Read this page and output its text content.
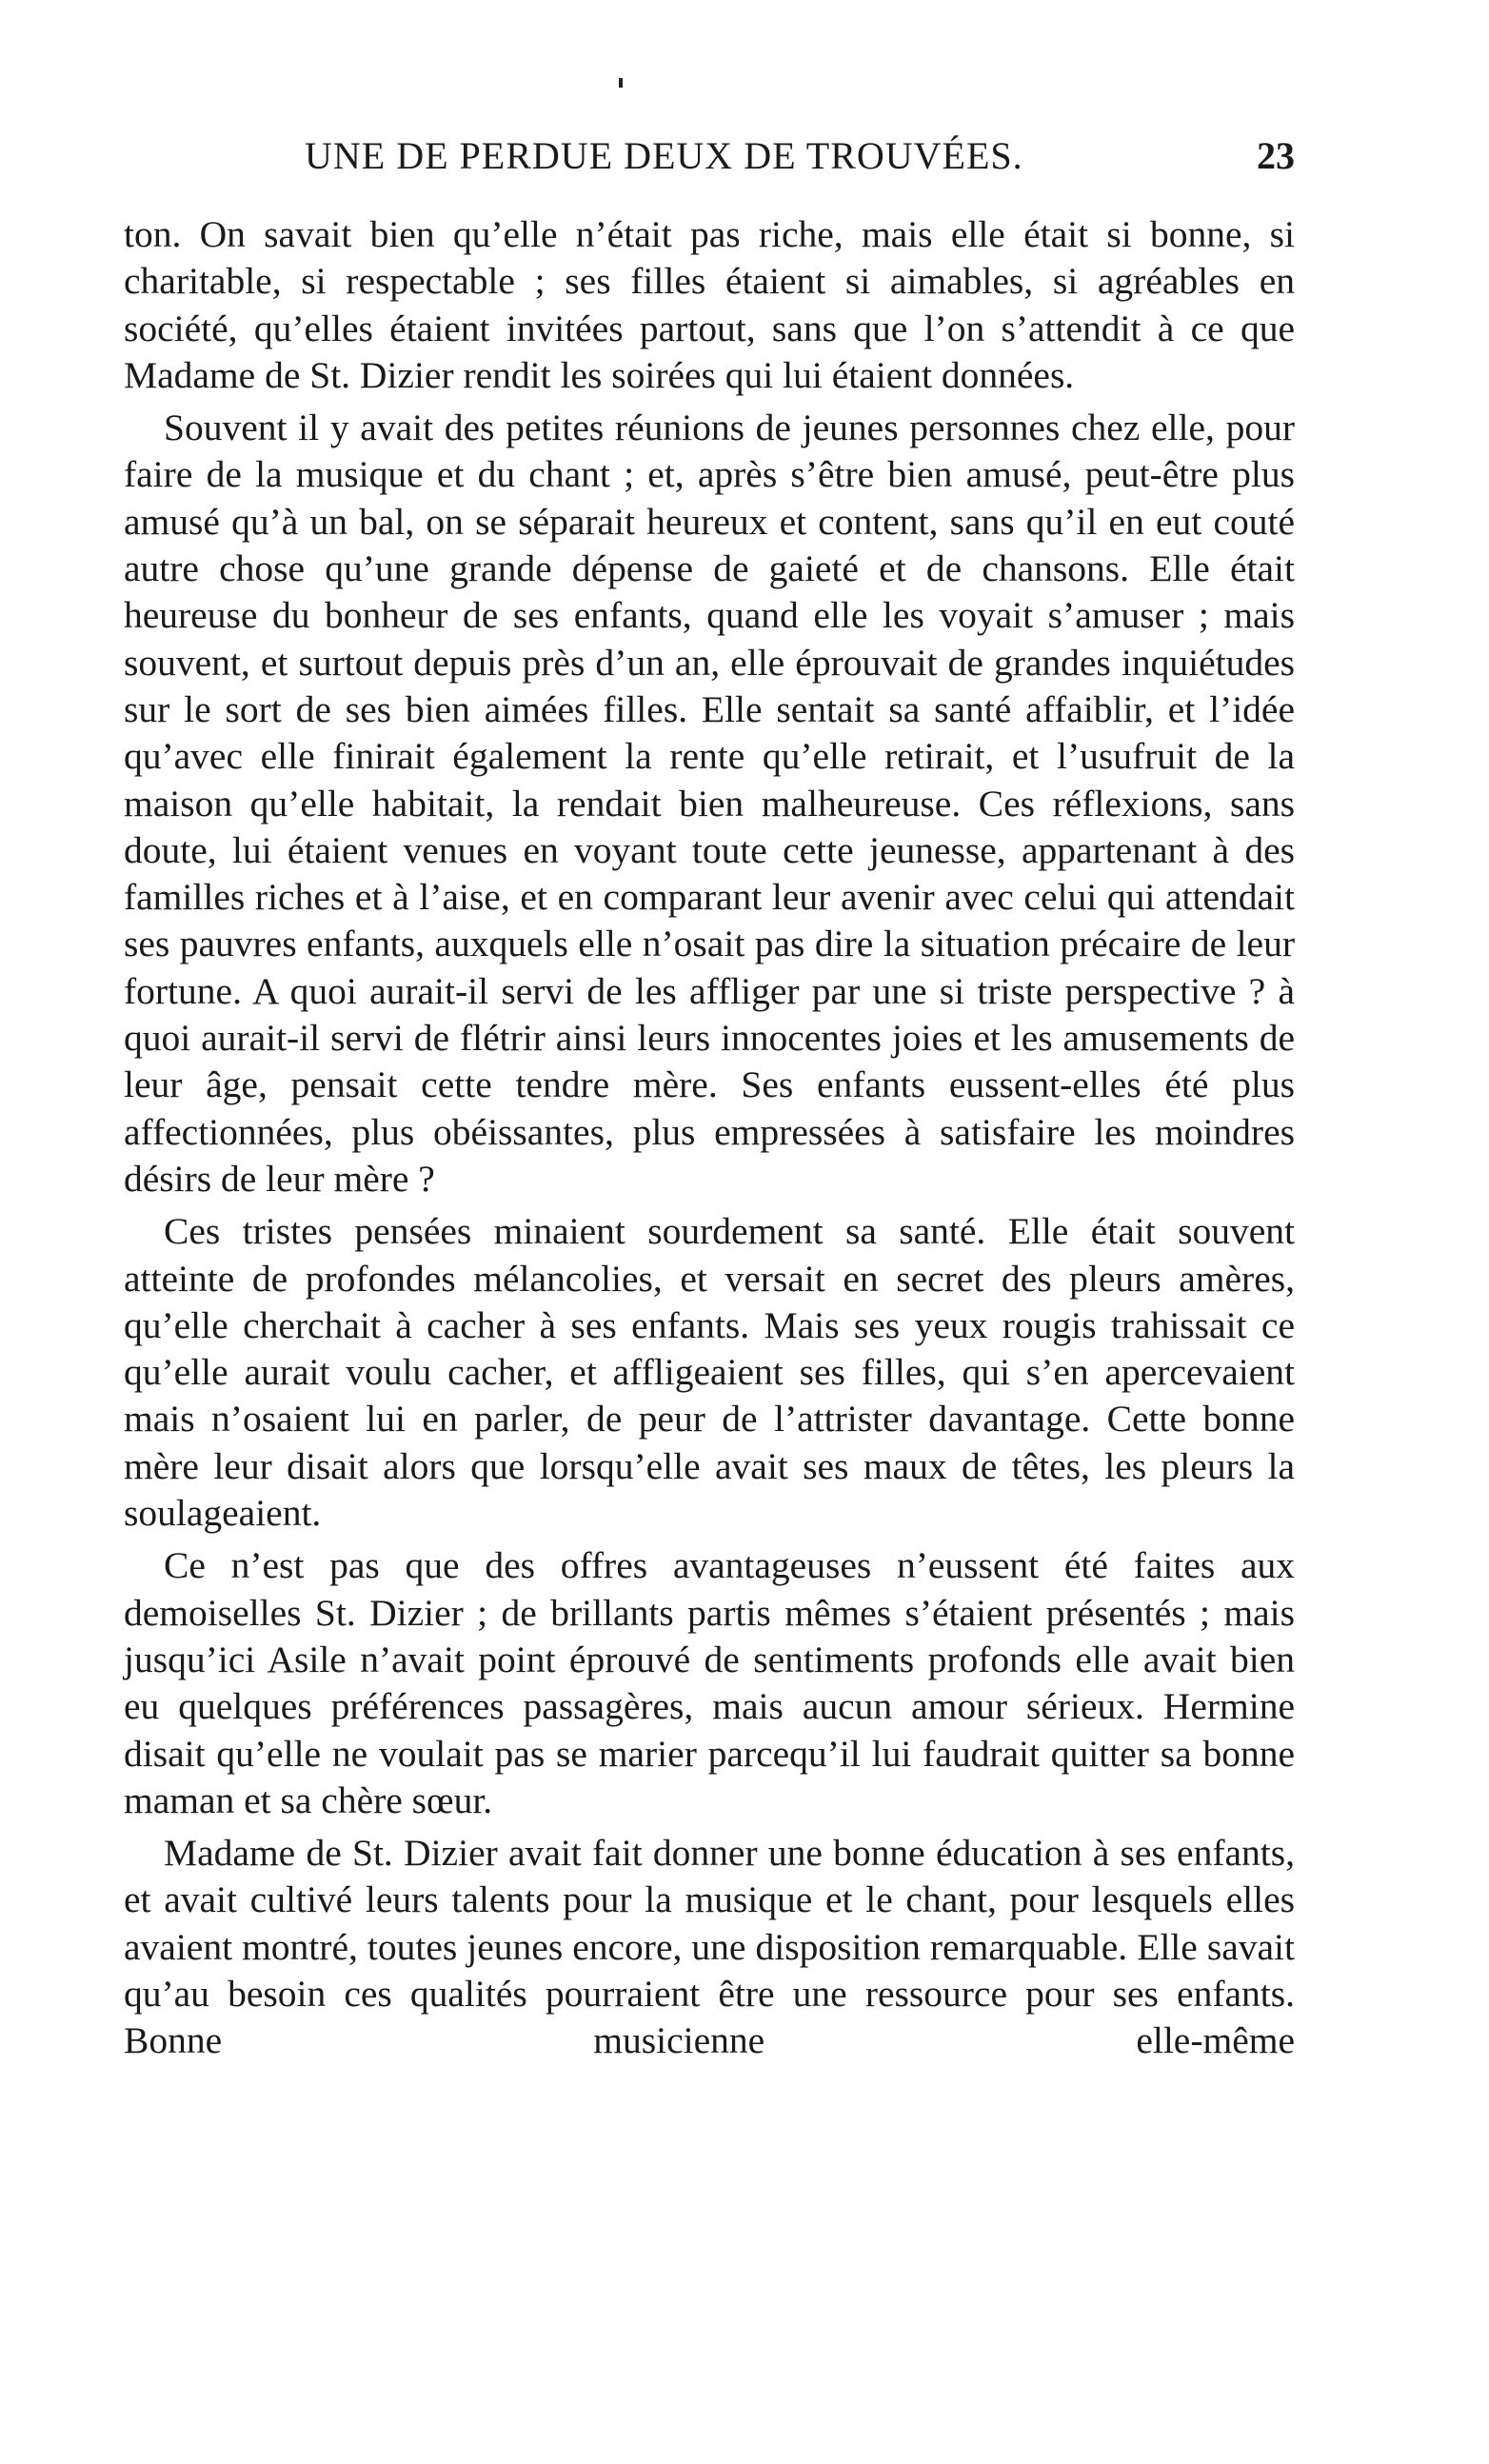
UNE DE PERDUE DEUX DE TROUVÉES.	23

ton. On savait bien qu’elle n’était pas riche, mais elle était si bonne, si charitable, si respectable ; ses filles étaient si aimables, si agréables en société, qu’elles étaient invitées partout, sans que l’on s’attendit à ce que Madame de St. Dizier rendit les soirées qui lui étaient données.

Souvent il y avait des petites réunions de jeunes personnes chez elle, pour faire de la musique et du chant ; et, après s’être bien amusé, peut-être plus amusé qu’à un bal, on se séparait heureux et content, sans qu’il en eut couté autre chose qu’une grande dépense de gaieté et de chansons. Elle était heureuse du bonheur de ses enfants, quand elle les voyait s’amuser ; mais souvent, et surtout depuis près d’un an, elle éprouvait de grandes inquiétudes sur le sort de ses bien aimées filles. Elle sentait sa santé affaiblir, et l’idée qu’avec elle finirait également la rente qu’elle retirait, et l’usufruit de la maison qu’elle habitait, la rendait bien malheureuse. Ces réflexions, sans doute, lui étaient venues en voyant toute cette jeunesse, appartenant à des familles riches et à l’aise, et en comparant leur avenir avec celui qui attendait ses pauvres enfants, auxquels elle n’osait pas dire la situation précaire de leur fortune. A quoi aurait-il servi de les affliger par une si triste perspective ? à quoi aurait-il servi de flétrir ainsi leurs innocentes joies et les amusements de leur âge, pensait cette tendre mère. Ses enfants eussent-elles été plus affectionnées, plus obéissantes, plus empressées à satisfaire les moindres désirs de leur mère ?

Ces tristes pensées minaient sourdement sa santé. Elle était souvent atteinte de profondes mélancolies, et versait en secret des pleurs amères, qu’elle cherchait à cacher à ses enfants. Mais ses yeux rougis trahissait ce qu’elle aurait voulu cacher, et affligeaient ses filles, qui s’en apercevaient mais n’osaient lui en parler, de peur de l’attrister davantage. Cette bonne mère leur disait alors que lorsqu’elle avait ses maux de têtes, les pleurs la soulageaient.

Ce n’est pas que des offres avantageuses n’eussent été faites aux demoiselles St. Dizier ; de brillants partis mêmes s’étaient présentés ; mais jusqu’ici Asile n’avait point éprouvé de sentiments profonds elle avait bien eu quelques préférences passagères, mais aucun amour sérieux. Hermine disait qu’elle ne voulait pas se marier parcequ’il lui faudrait quitter sa bonne maman et sa chère sœur.

Madame de St. Dizier avait fait donner une bonne éducation à ses enfants, et avait cultivé leurs talents pour la musique et le chant, pour lesquels elles avaient montré, toutes jeunes encore, une disposition remarquable. Elle savait qu’au besoin ces qualités pourraient être une ressource pour ses enfants. Bonne musicienne elle-même
